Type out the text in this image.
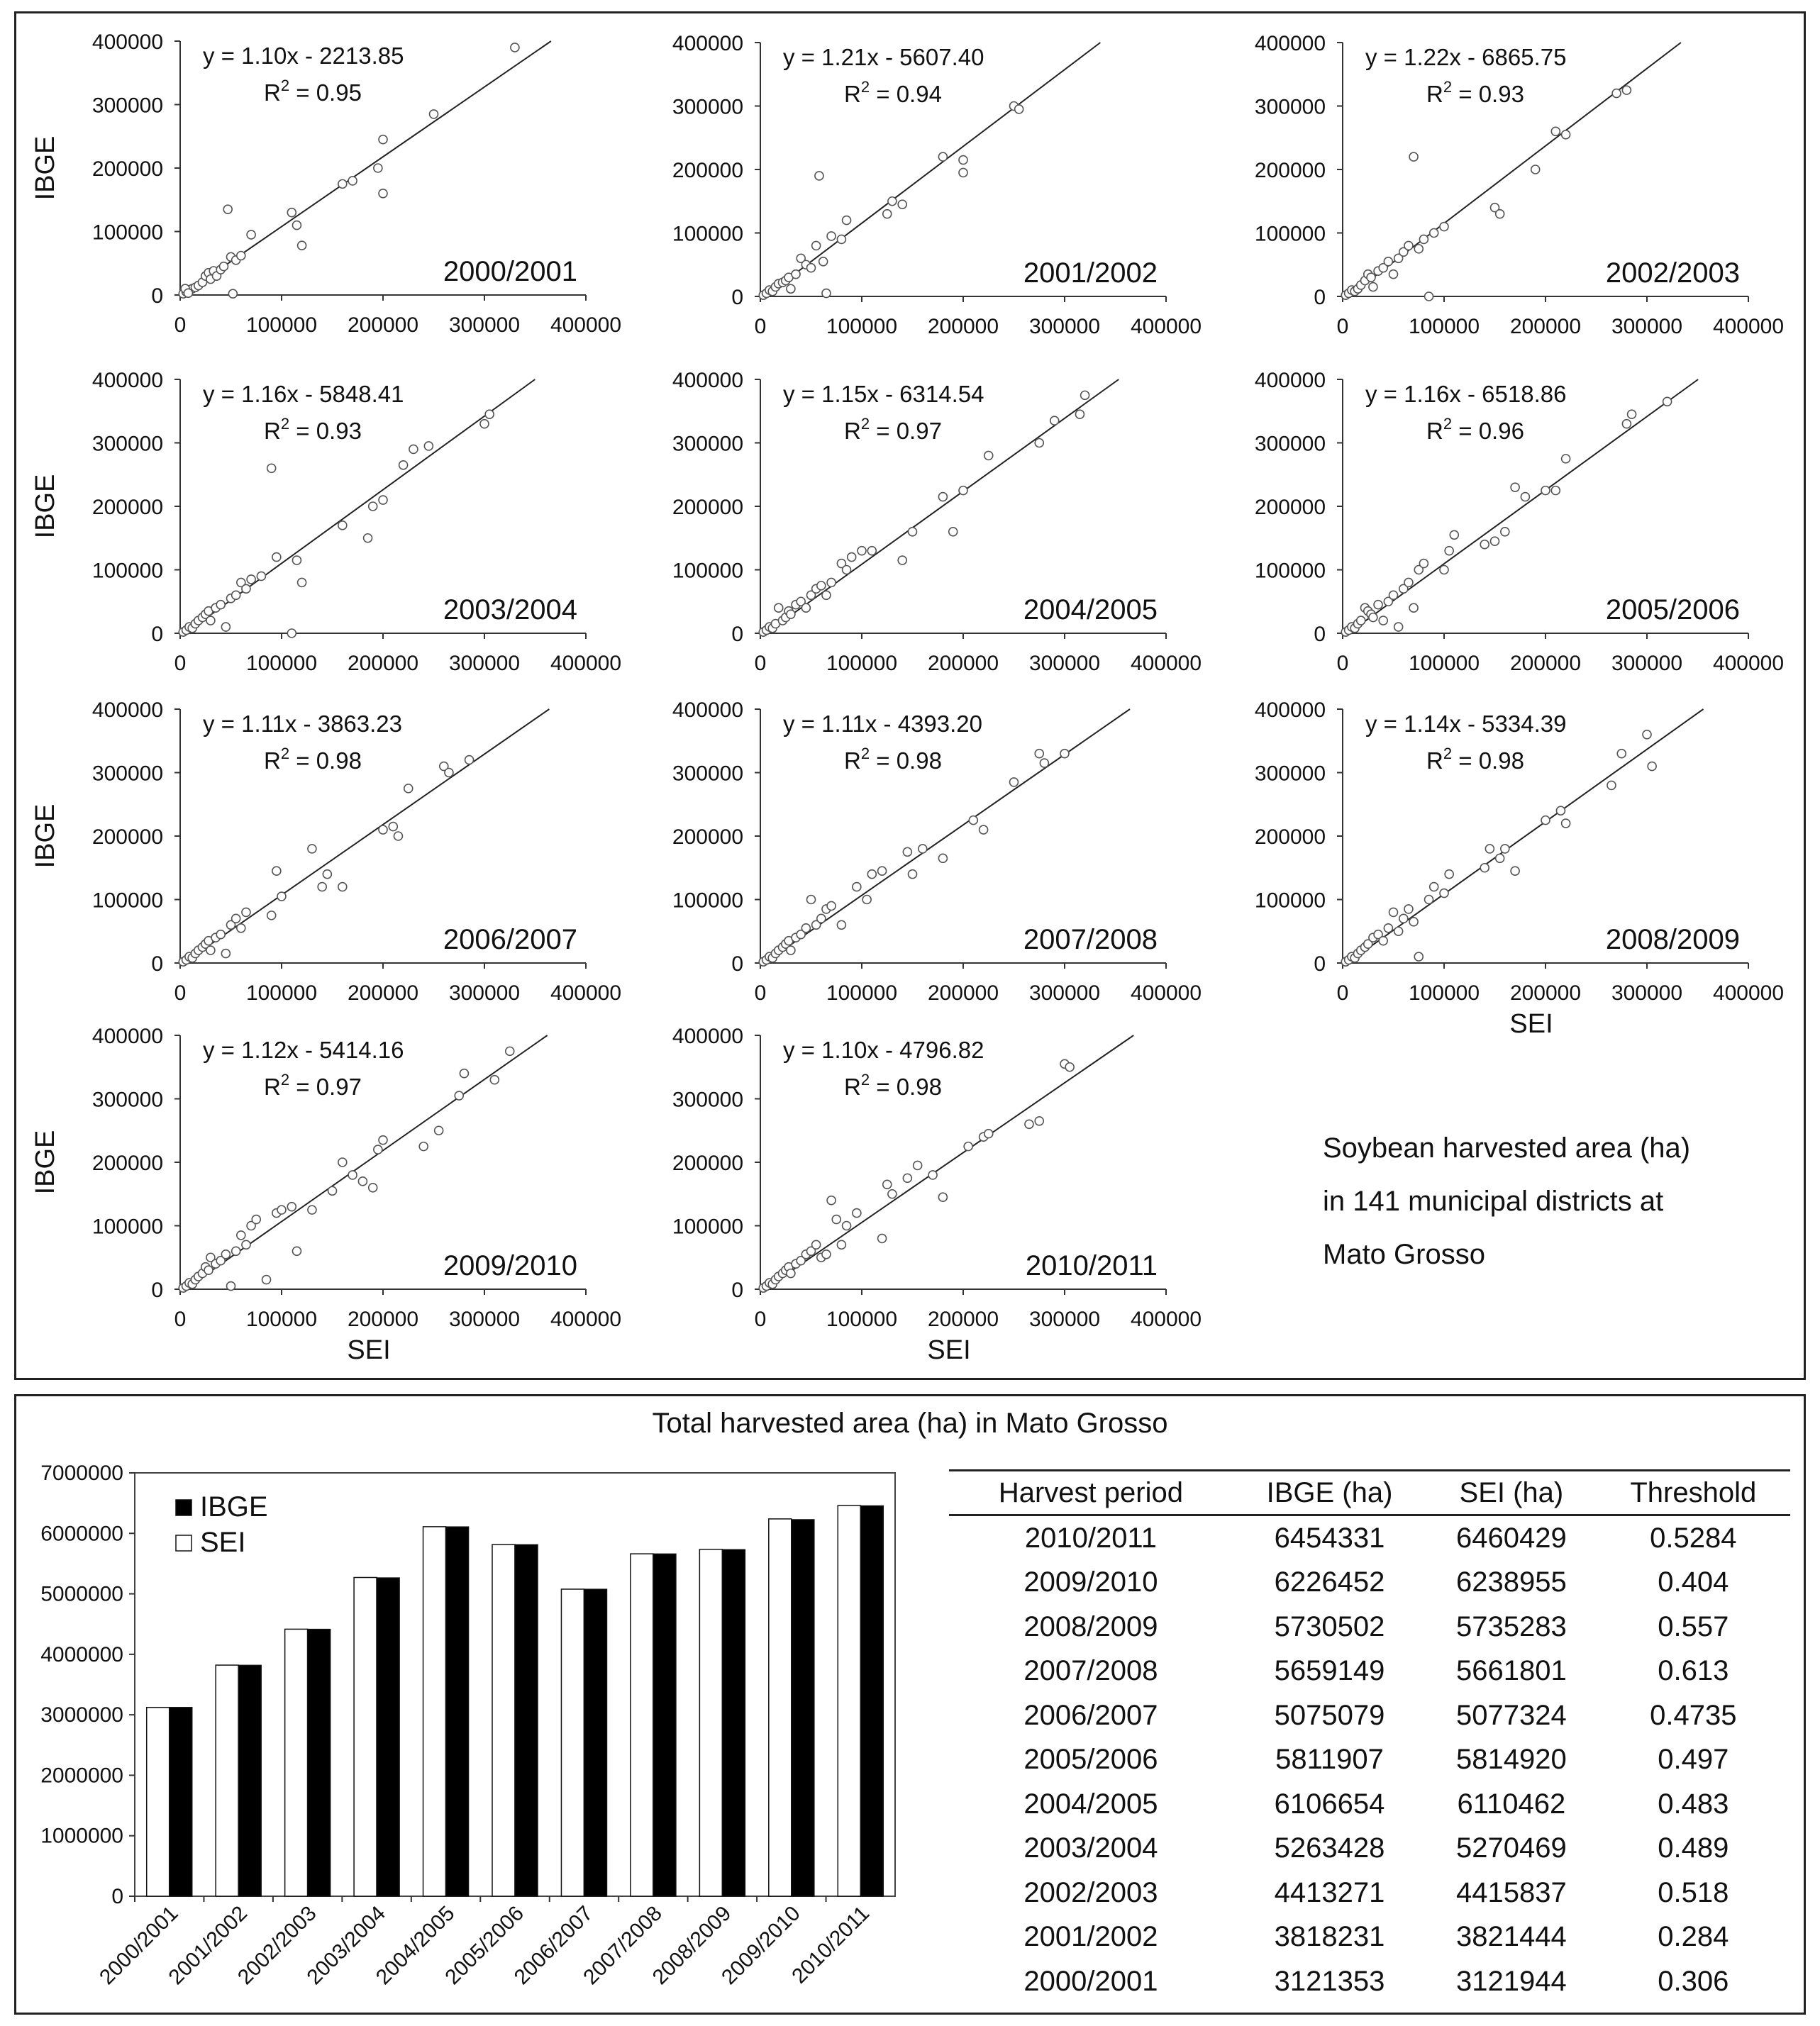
0	100000 200000 300000 400000
0
100000
200000
300000
400000
y = 1.10x - 2213.85
$R^2 = 0.95$
2000/2001
IBGE
0	100000 200000 300000 400000
0
100000
200000
300000
400000
y = 1.21x - 5607.40
$R^2 = 0.94$
2001/2002
0	100000 200000 300000 400000
0
100000
200000
300000
400000
y = 1.22x - 6865.75
$R^2 = 0.93$
2002/2003
0	100000 200000 300000 400000
0
100000
200000
300000
400000
y = 1.16x - 5848.41
$R^2 = 0.93$
2003/2004
IBGE
0	100000 200000 300000 400000
0
100000
200000
300000
400000
y = 1.15x - 6314.54
$R^2 = 0.97$
2004/2005
0	100000 200000 300000 400000
0
100000
200000
300000
400000
y = 1.16x - 6518.86
$R^2 = 0.96$
2005/2006
0	100000 200000 300000 400000
0
100000
200000
300000
400000
y = 1.11x - 3863.23
$R^2 = 0.98$
2006/2007
IBGE
0	100000 200000 300000 400000
0
100000
200000
300000
400000
y = 1.11x - 4393.20
$R^2 = 0.98$
2007/2008
0	100000 200000 300000 400000
0
100000
200000
300000
400000
y = 1.14x - 5334.39
$R^2 = 0.98$
2008/2009
SEI
0	100000 200000 300000 400000
0
100000
200000
300000
400000
y = 1.12x - 5414.16
$R^2 = 0.97$
2009/2010
IBGE
SEI
0	100000 200000 300000 400000
0
100000
200000
300000
400000
y = 1.10x - 4796.82
$R^2 = 0.98$
2010/2011
SEI
0
1000000
2000000
3000000
4000000
5000000
6000000
7000000
2000/2001
2001/2002
2002/2003
2003/2004
2004/2005
2005/2006
2006/2007
2007/2008
2008/2009
2009/2010
2010/2011
IBGE
SEI
Soybean harvested area (ha)
in 141 municipal districts at
Mato Grosso
Total harvested area (ha) in Mato Grosso
Harvest period	IBGE (ha)	SEI (ha)	Threshold
2010/2011	6454331	6460429	0.5284
2009/2010	6226452	6238955	0.404
2008/2009	5730502	5735283	0.557
2007/2008	5659149	5661801	0.613
2006/2007	5075079	5077324	0.4735
2005/2006	5811907	5814920	0.497
2004/2005	6106654	6110462	0.483
2003/2004	5263428	5270469	0.489
2002/2003	4413271	4415837	0.518
2001/2002	3818231	3821444	0.284
2000/2001	3121353	3121944	0.306
